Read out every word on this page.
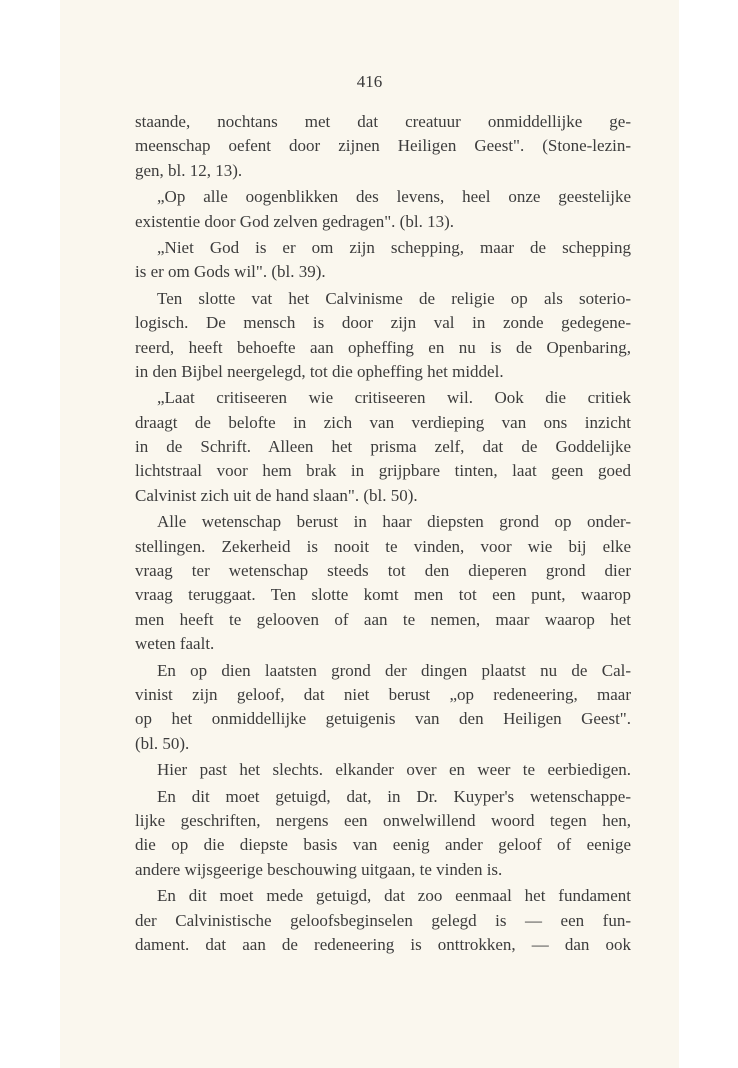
416
staande, nochtans met dat creatuur onmiddellijke ge-
meenschap oefent door zijnen Heiligen Geest". (Stone-lezin-
gen, bl. 12, 13).
„Op alle oogenblikken des levens, heel onze geestelijke
existentie door God zelven gedragen". (bl. 13).
„Niet God is er om zijn schepping, maar de schepping
is er om Gods wil". (bl. 39).
Ten slotte vat het Calvinisme de religie op als soterio-
logisch. De mensch is door zijn val in zonde gedegene-
reerd, heeft behoefte aan opheffing en nu is de Openbaring,
in den Bijbel neergelegd, tot die opheffing het middel.
„Laat critiseeren wie critiseeren wil. Ook die critiek
draagt de belofte in zich van verdieping van ons inzicht
in de Schrift. Alleen het prisma zelf, dat de Goddelijke
lichtstraal voor hem brak in grijpbare tinten, laat geen goed
Calvinist zich uit de hand slaan". (bl. 50).
Alle wetenschap berust in haar diepsten grond op onder-
stellingen. Zekerheid is nooit te vinden, voor wie bij elke
vraag ter wetenschap steeds tot den dieperen grond dier
vraag teruggaat. Ten slotte komt men tot een punt, waarop
men heeft te gelooven of aan te nemen, maar waarop het
weten faalt.
En op dien laatsten grond der dingen plaatst nu de Cal-
vinist zijn geloof, dat niet berust „op redeneering, maar
op het onmiddellijke getuigenis van den Heiligen Geest".
(bl. 50).
Hier past het slechts. elkander over en weer te eerbiedigen.
En dit moet getuigd, dat, in Dr. Kuyper's wetenschappe-
lijke geschriften, nergens een onwelwillend woord tegen hen,
die op die diepste basis van eenig ander geloof of eenige
andere wijsgeerige beschouwing uitgaan, te vinden is.
En dit moet mede getuigd, dat zoo eenmaal het fundament
der Calvinistische geloofsbeginselen gelegd is — een fun-
dament. dat aan de redeneering is onttrokken, — dan ook
